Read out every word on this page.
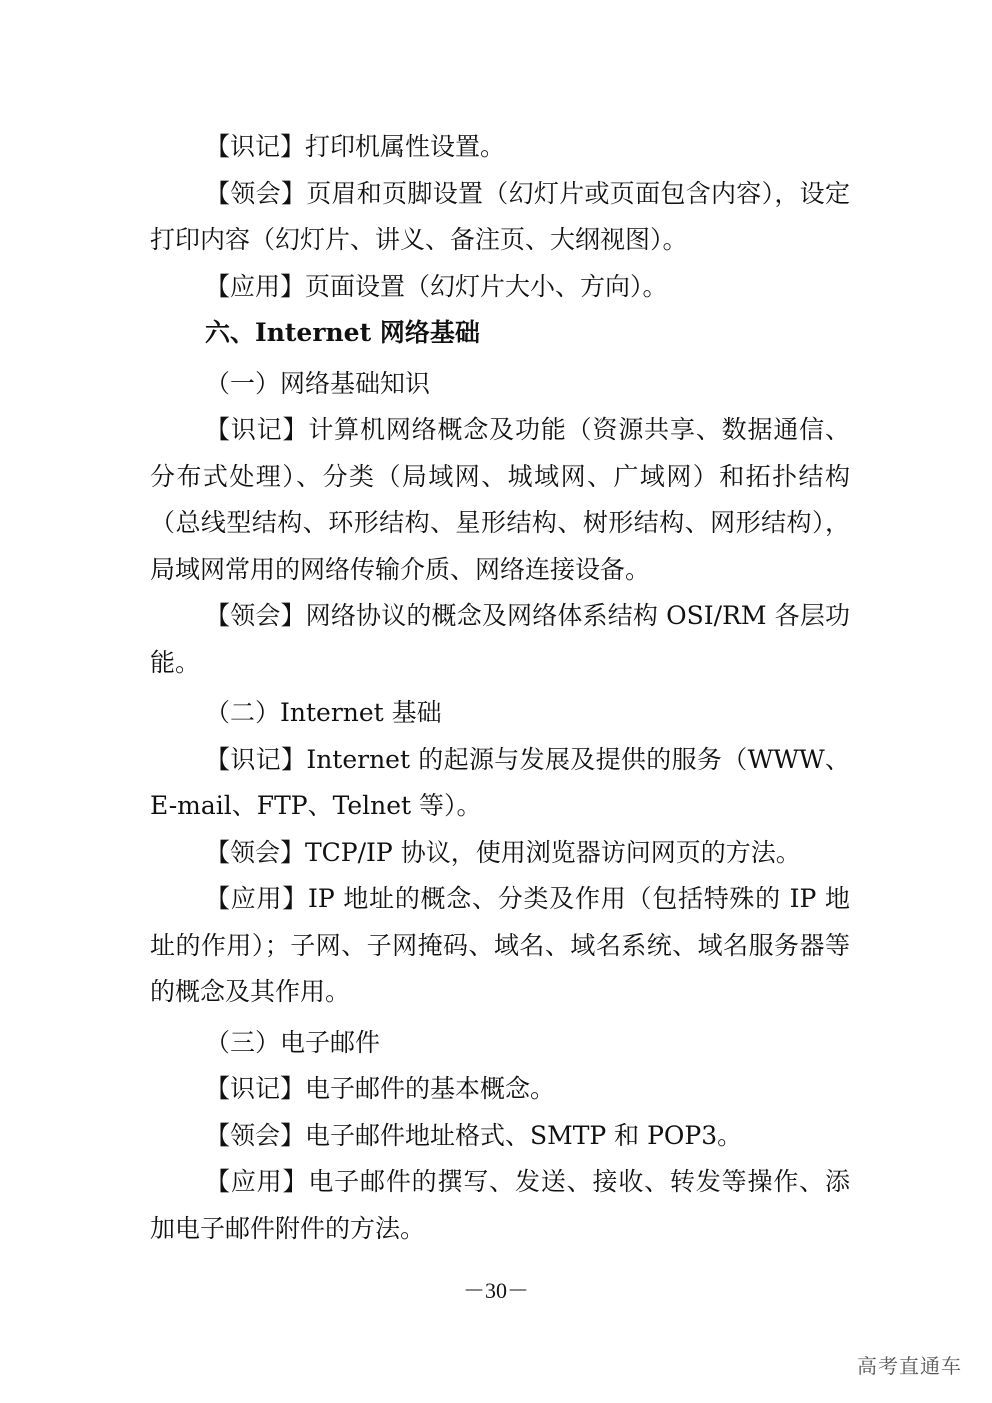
【识记】打印机属性设置。

【领会】页眉和页脚设置（幻灯片或页面包含内容），设定打印内容（幻灯片、讲义、备注页、大纲视图）。

【应用】页面设置（幻灯片大小、方向）。

六、Internet 网络基础

（一）网络基础知识

【识记】计算机网络概念及功能（资源共享、数据通信、分布式处理）、分类（局域网、城域网、广域网）和拓扑结构（总线型结构、环形结构、星形结构、树形结构、网形结构），局域网常用的网络传输介质、网络连接设备。

【领会】网络协议的概念及网络体系结构 OSI/RM 各层功能。

（二）Internet 基础

【识记】Internet 的起源与发展及提供的服务（WWW、E-mail、FTP、Telnet 等）。

【领会】TCP/IP 协议，使用浏览器访问网页的方法。

【应用】IP 地址的概念、分类及作用（包括特殊的 IP 地址的作用）；子网、子网掩码、域名、域名系统、域名服务器等的概念及其作用。

（三）电子邮件

【识记】电子邮件的基本概念。

【领会】电子邮件地址格式、SMTP 和 POP3。

【应用】电子邮件的撰写、发送、接收、转发等操作、添加电子邮件附件的方法。

－30－
高考直通车
